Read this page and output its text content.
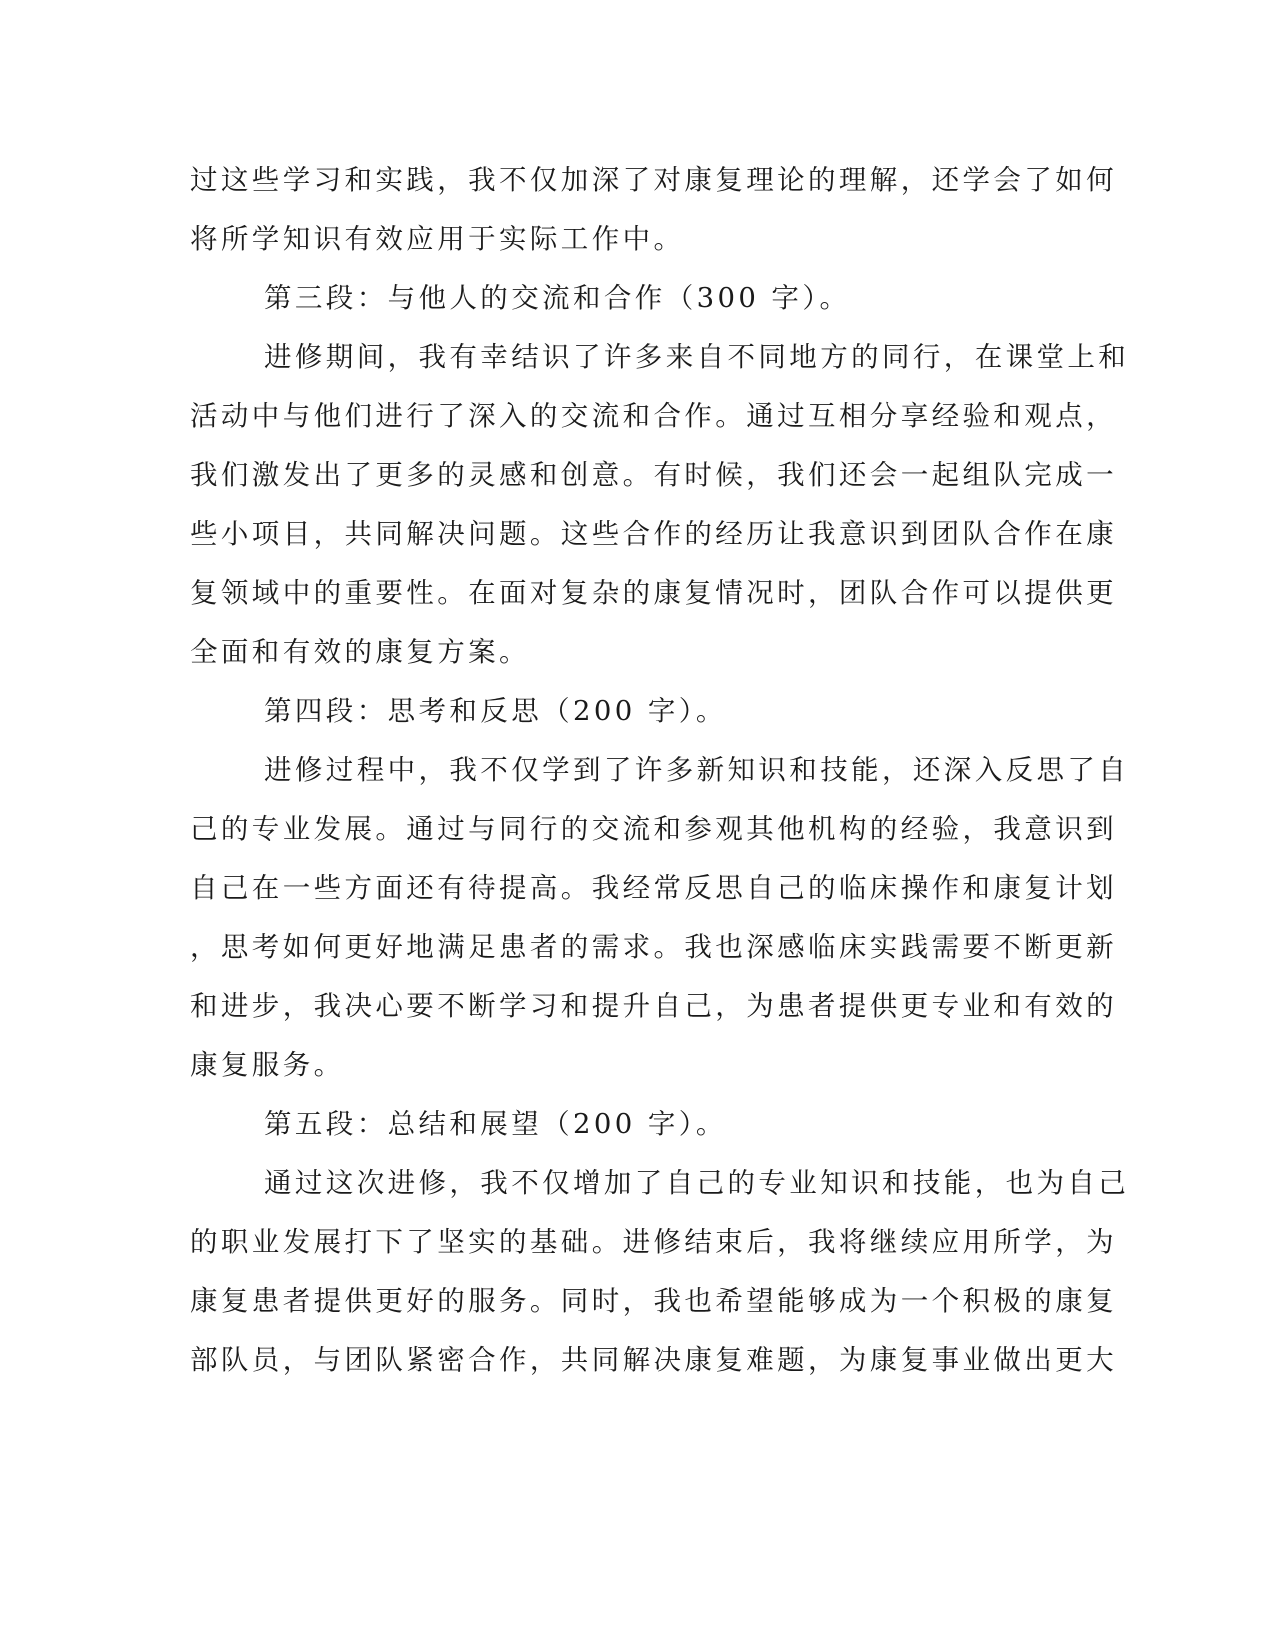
过这些学习和实践，我不仅加深了对康复理论的理解，还学会了如何
将所学知识有效应用于实际工作中。
第三段：与他人的交流和合作（300 字）。
进修期间，我有幸结识了许多来自不同地方的同行，在课堂上和
活动中与他们进行了深入的交流和合作。通过互相分享经验和观点，
我们激发出了更多的灵感和创意。有时候，我们还会一起组队完成一
些小项目，共同解决问题。这些合作的经历让我意识到团队合作在康
复领域中的重要性。在面对复杂的康复情况时，团队合作可以提供更
全面和有效的康复方案。
第四段：思考和反思（200 字）。
进修过程中，我不仅学到了许多新知识和技能，还深入反思了自
己的专业发展。通过与同行的交流和参观其他机构的经验，我意识到
自己在一些方面还有待提高。我经常反思自己的临床操作和康复计划
，思考如何更好地满足患者的需求。我也深感临床实践需要不断更新
和进步，我决心要不断学习和提升自己，为患者提供更专业和有效的
康复服务。
第五段：总结和展望（200 字）。
通过这次进修，我不仅增加了自己的专业知识和技能，也为自己
的职业发展打下了坚实的基础。进修结束后，我将继续应用所学，为
康复患者提供更好的服务。同时，我也希望能够成为一个积极的康复
部队员，与团队紧密合作，共同解决康复难题，为康复事业做出更大
